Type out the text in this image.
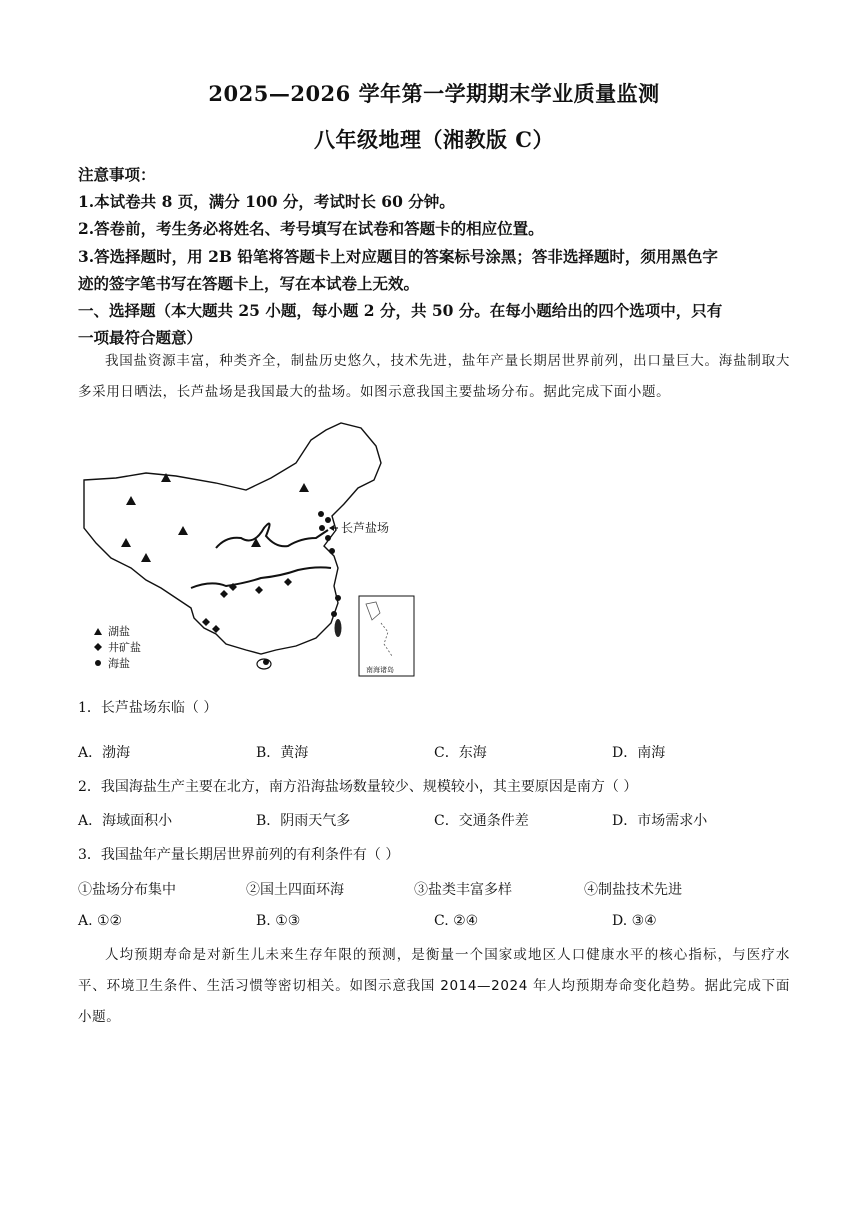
2025—2026 学年第一学期期末学业质量监测
八年级地理（湘教版 C）
注意事项：
1.本试卷共 8 页，满分 100 分，考试时长 60 分钟。
2.答卷前，考生务必将姓名、考号填写在试卷和答题卡的相应位置。
3.答选择题时，用 2B 铅笔将答题卡上对应题目的答案标号涂黑；答非选择题时，须用黑色字
迹的签字笔书写在答题卡上，写在本试卷上无效。
一、选择题（本大题共 25 小题，每小题 2 分，共 50 分。在每小题给出的四个选项中，只有
一项最符合题意）
我国盐资源丰富，种类齐全，制盐历史悠久，技术先进，盐年产量长期居世界前列，出口量巨大。海盐制取大多采用日晒法，长芦盐场是我国最大的盐场。如图示意我国主要盐场分布。据此完成下面小题。
长芦盐场
湖盐
井矿盐
海盐	南海诸岛
1．长芦盐场东临（ ）
A．渤海	B．黄海	C．东海	D．南海
2．我国海盐生产主要在北方，南方沿海盐场数量较少、规模较小，其主要原因是南方（ ）
A．海域面积小	B．阴雨天气多	C．交通条件差	D．市场需求小
3．我国盐年产量长期居世界前列的有利条件有（ ）
①盐场分布集中	②国土四面环海	③盐类丰富多样	④制盐技术先进
A. ①②	B. ①③	C. ②④	D. ③④
人均预期寿命是对新生儿未来生存年限的预测，是衡量一个国家或地区人口健康水平的核心指标，与医疗水平、环境卫生条件、生活习惯等密切相关。如图示意我国 2014—2024 年人均预期寿命变化趋势。据此完成下面小题。
